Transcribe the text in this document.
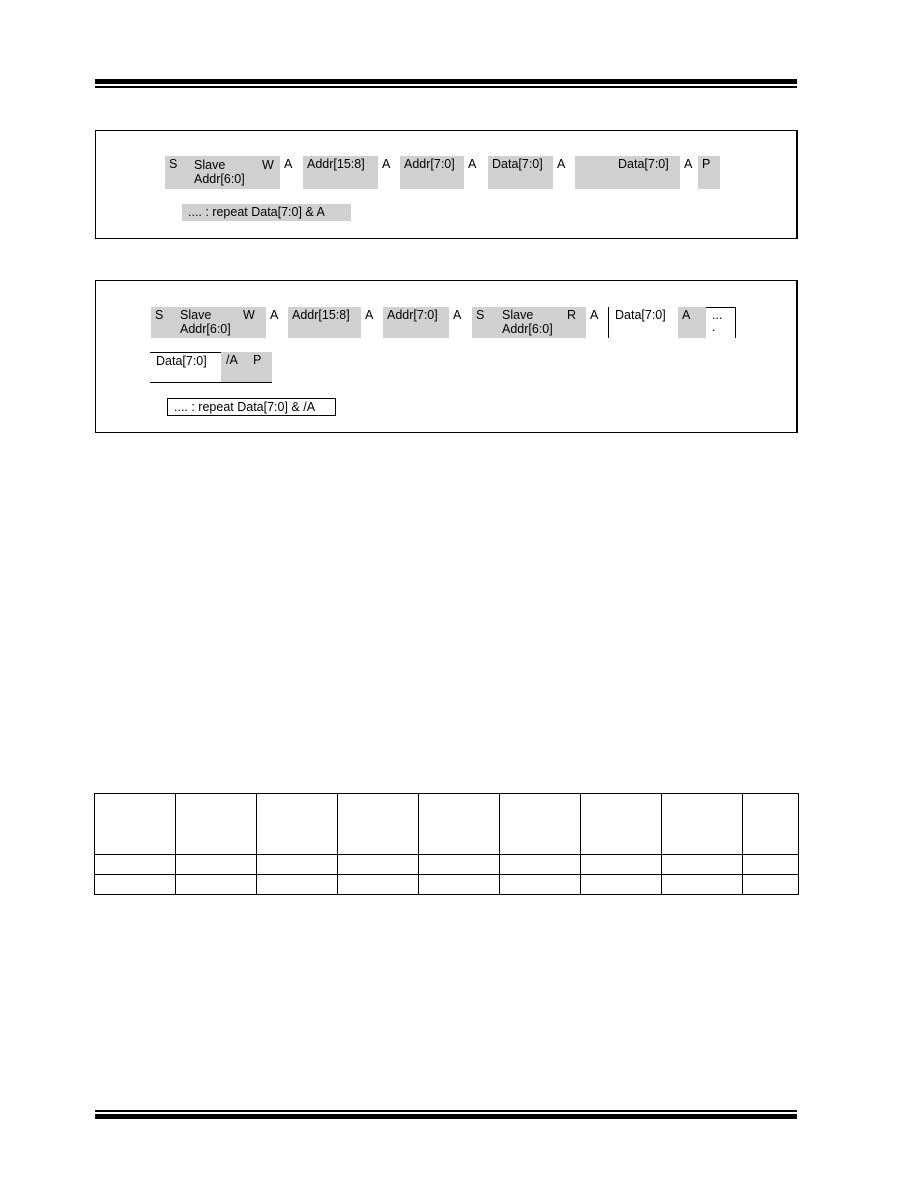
S	Slave
Addr[6:0]
W A	Addr[15:8]	A	Addr[7:0]	A	Data[7:0]	A	Data[7:0]	A P
.... : repeat Data[7:0] & A
S	Slave
Addr[6:0]
W	A	Addr[15:8]	A	Addr[7:0]	A	S	Slave
Addr[6:0]
R	A	Data[7:0]	A	...
.
Data[7:0]	/A	P
.... : repeat Data[7:0] & /A
